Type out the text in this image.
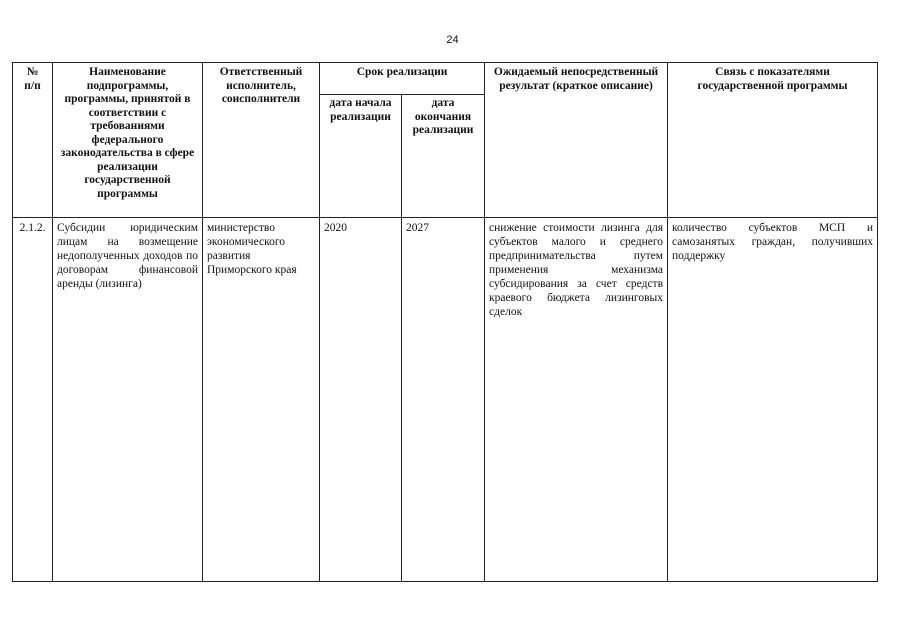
24
№
п/п	Наименование подпрограммы, программы, принятой в соответствии с требованиями федерального законодательства в сфере реализации государственной программы	Ответственный исполнитель, соисполнители	Срок реализации		Ожидаемый непосредственный результат (краткое описание)	Связь с показателями государственной программы
			дата начала реализации	дата окончания реализации		
2.1.2.	Субсидии юридическим лицам на возмещение недополученных доходов по договорам финансовой аренды (лизинга)	министерство экономического развития Приморского края	2020	2027	снижение стоимости лизинга для субъектов малого и среднего предпринимательства путем применения механизма субсидирования за счет средств краевого бюджета лизинговых сделок	количество субъектов МСП и самозанятых граждан, получивших поддержку
